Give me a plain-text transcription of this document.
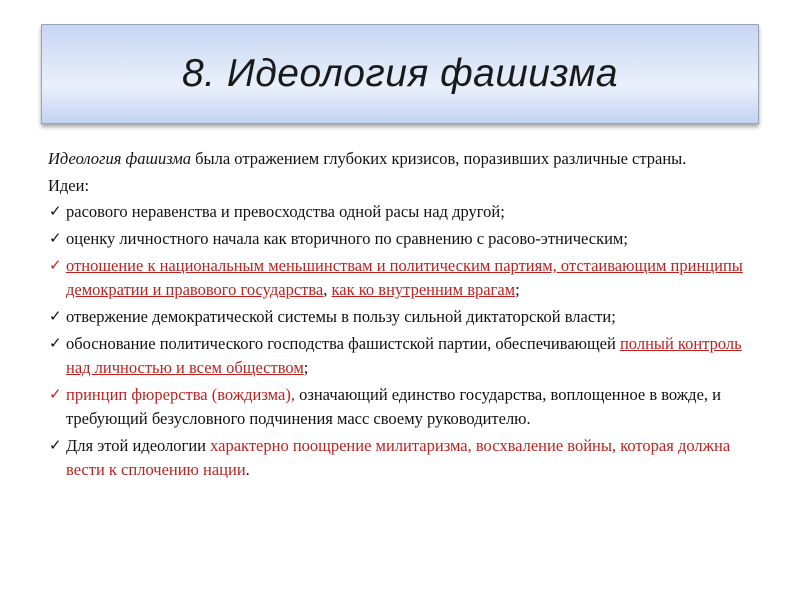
8. Идеология фашизма
Идеология фашизма была отражением глубоких кризисов, поразивших различные страны.
Идеи:
✓ расового неравенства и превосходства одной расы над другой;
✓ оценку личностного начала как вторичного по сравнению с расово-этническим;
✓ отношение к национальным меньшинствам и политическим партиям, отстаивающим принципы демократии и правового государства, как ко внутренним врагам;
✓ отвержение демократической системы в пользу сильной диктаторской власти;
✓ обоснование политического господства фашистской партии, обеспечивающей полный контроль над личностью и всем обществом;
✓ принцип фюрерства (вождизма), означающий единство государства, воплощенное в вожде, и требующий безусловного подчинения масс своему руководителю.
✓ Для этой идеологии характерно поощрение милитаризма, восхваление войны, которая должна вести к сплочению нации.
